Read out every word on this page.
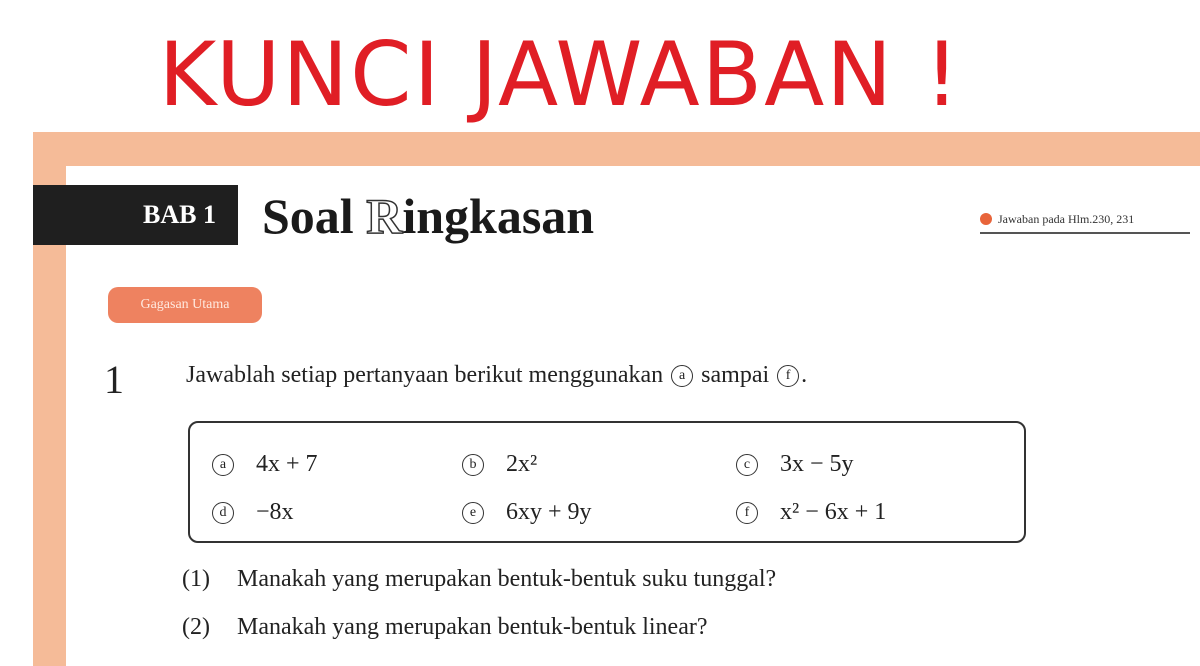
KUNCI JAWABAN !
BAB 1 Soal Ringkasan	Jawaban pada Hlm.230, 231
Gagasan Utama
1	Jawablah setiap pertanyaan berikut menggunakan a sampai f .
a	4x + 7	b	2x²	c	3x − 5y
d	−8x	e	6xy + 9y	f	x² − 6x + 1
(1) Manakah yang merupakan bentuk-bentuk suku tunggal?
(2) Manakah yang merupakan bentuk-bentuk linear?
